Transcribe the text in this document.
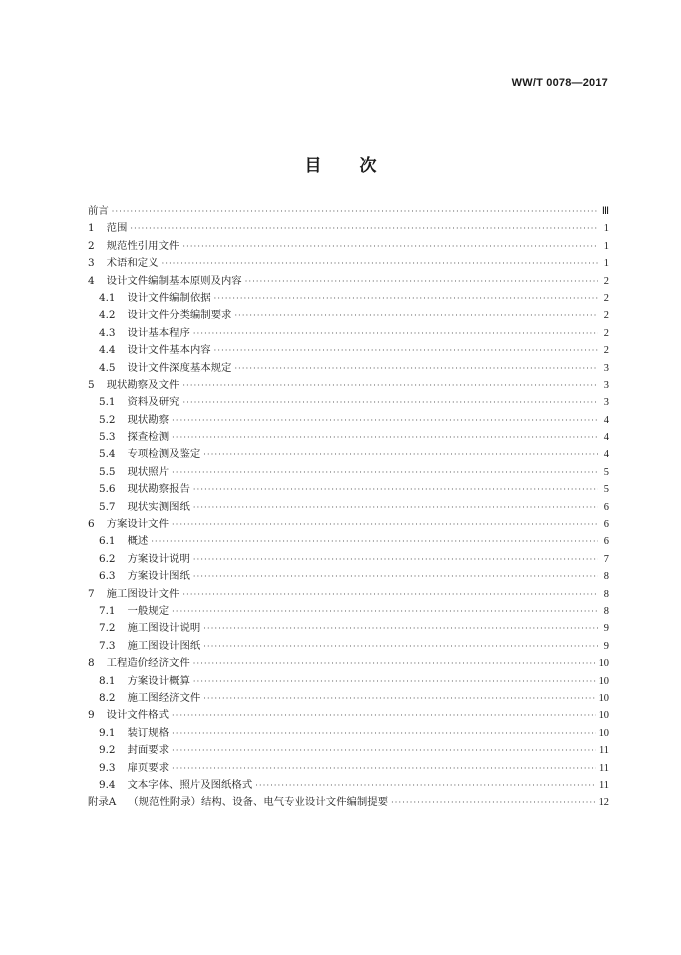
WW/T 0078—2017
目 次
前言 ·····	Ⅲ
1 范围 ·····	1
2 规范性引用文件 ·····	1
3 术语和定义 ·····	1
4 设计文件编制基本原则及内容 ·····	2
4.1 设计文件编制依据 ·····	2
4.2 设计文件分类编制要求 ·····	2
4.3 设计基本程序 ·····	2
4.4 设计文件基本内容 ·····	2
4.5 设计文件深度基本规定 ·····	3
5 现状勘察及文件 ·····	3
5.1 资料及研究 ·····	3
5.2 现状勘察 ·····	4
5.3 探查检测 ·····	4
5.4 专项检测及鉴定 ·····	4
5.5 现状照片 ·····	5
5.6 现状勘察报告 ·····	5
5.7 现状实测图纸 ·····	6
6 方案设计文件 ·····	6
6.1 概述 ·····	6
6.2 方案设计说明 ·····	7
6.3 方案设计图纸 ·····	8
7 施工图设计文件 ·····	8
7.1 一般规定 ·····	8
7.2 施工图设计说明 ·····	9
7.3 施工图设计图纸 ·····	9
8 工程造价经济文件 ·····	10
8.1 方案设计概算 ·····	10
8.2 施工图经济文件 ·····	10
9 设计文件格式 ·····	10
9.1 装订规格 ·····	10
9.2 封面要求 ·····	11
9.3 扉页要求 ·····	11
9.4 文本字体、照片及图纸格式 ·····	11
附录A （规范性附录）结构、设备、电气专业设计文件编制提要 ·····	12
